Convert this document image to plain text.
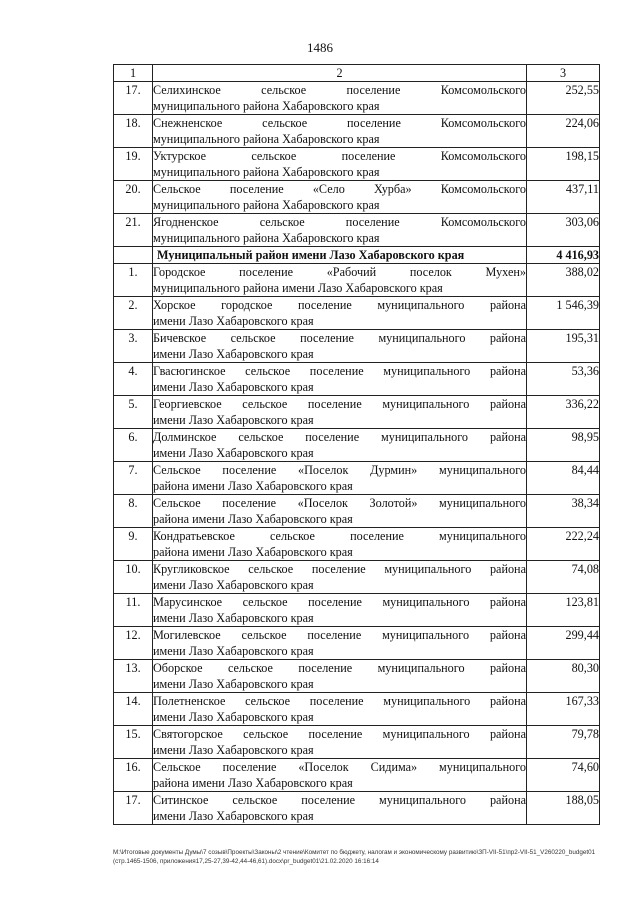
1486
1	2	3
17.	Селихинское сельское поселение Комсомольского
муниципального района Хабаровского края	252,55
18.	Снежненское сельское поселение Комсомольского
муниципального района Хабаровского края	224,06
19.	Уктурское сельское поселение Комсомольского
муниципального района Хабаровского края	198,15
20.	Сельское поселение «Село Хурба» Комсомольского
муниципального района Хабаровского края	437,11
21.	Ягодненское сельское поселение Комсомольского
муниципального района Хабаровского края	303,06
	Муниципальный район имени Лазо Хабаровского края	4 416,93
1.	Городское поселение «Рабочий поселок Мухен»
муниципального района имени Лазо Хабаровского края	388,02
2.	Хорское городское поселение муниципального района
имени Лазо Хабаровского края	1 546,39
3.	Бичевское сельское поселение муниципального района
имени Лазо Хабаровского края	195,31
4.	Гвасюгинское сельское поселение муниципального района
имени Лазо Хабаровского края	53,36
5.	Георгиевское сельское поселение муниципального района
имени Лазо Хабаровского края	336,22
6.	Долминское сельское поселение муниципального района
имени Лазо Хабаровского края	98,95
7.	Сельское поселение «Поселок Дурмин» муниципального
района имени Лазо Хабаровского края	84,44
8.	Сельское поселение «Поселок Золотой» муниципального
района имени Лазо Хабаровского края	38,34
9.	Кондратьевское сельское поселение муниципального
района имени Лазо Хабаровского края	222,24
10.	Кругликовское сельское поселение муниципального района
имени Лазо Хабаровского края	74,08
11.	Марусинское сельское поселение муниципального района
имени Лазо Хабаровского края	123,81
12.	Могилевское сельское поселение муниципального района
имени Лазо Хабаровского края	299,44
13.	Оборское сельское поселение муниципального района
имени Лазо Хабаровского края	80,30
14.	Полетненское сельское поселение муниципального района
имени Лазо Хабаровского края	167,33
15.	Святогорское сельское поселение муниципального района
имени Лазо Хабаровского края	79,78
16.	Сельское поселение «Поселок Сидима» муниципального
района имени Лазо Хабаровского края	74,60
17.	Ситинское сельское поселение муниципального района
имени Лазо Хабаровского края	188,05
M:\Итоговые документы Думы\7 созыв\Проекты\Законы\2 чтение\Комитет по бюджету, налогам и экономическому развитию\ЗП-VII-51\пр2-VII-51_V260220_budget01(стр.1465-1506, приложения17,25-27,39-42,44-46,61).docx\pr_budget01\21.02.2020 16:16:14
